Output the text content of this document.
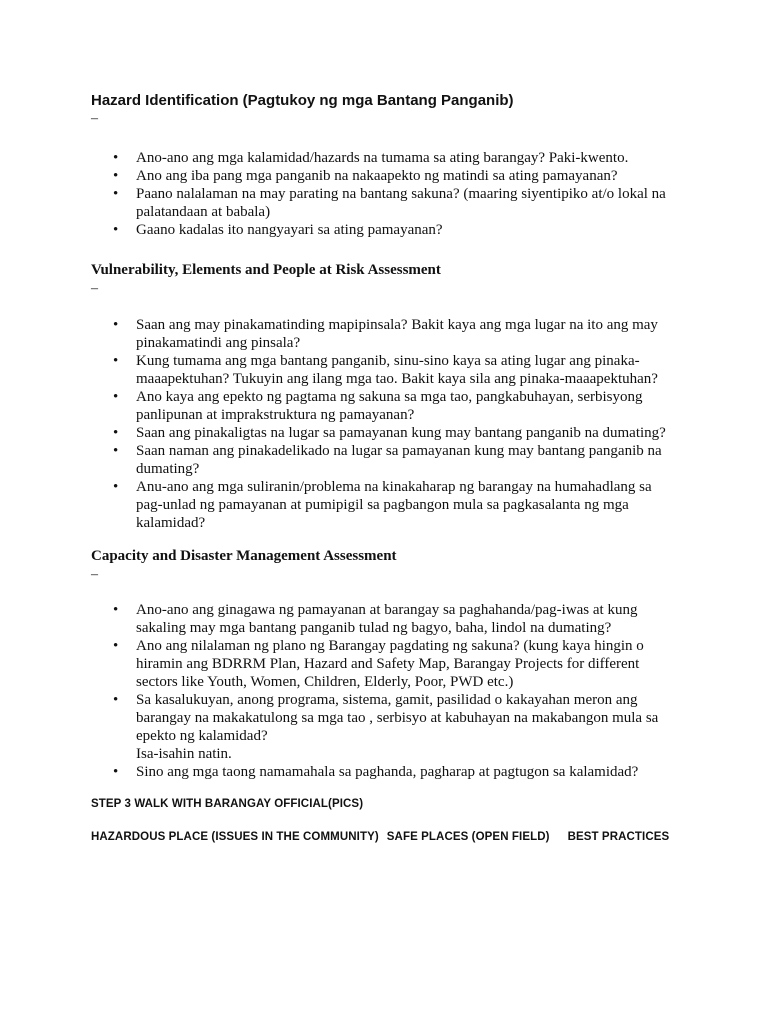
Hazard Identification (Pagtukoy ng mga Bantang Panganib)
–
• Ano-ano ang mga kalamidad/hazards na tumama sa ating barangay? Paki-kwento.
• Ano ang iba pang mga panganib na nakaapekto ng matindi sa ating pamayanan?
• Paano nalalaman na may parating na bantang sakuna? (maaring siyentipiko at/o lokal na palatandaan at babala)
• Gaano kadalas ito nangyayari sa ating pamayanan?
Vulnerability, Elements and People at Risk Assessment
–
• Saan ang may pinakamatinding mapipinsala? Bakit kaya ang mga lugar na ito ang may pinakamatindi ang pinsala?
• Kung tumama ang mga bantang panganib, sinu-sino kaya sa ating lugar ang pinaka-maaapektuhan? Tukuyin ang ilang mga tao. Bakit kaya sila ang pinaka-maaapektuhan?
• Ano kaya ang epekto ng pagtama ng sakuna sa mga tao, pangkabuhayan, serbisyong panlipunan at imprakstruktura ng pamayanan?
• Saan ang pinakaligtas na lugar sa pamayanan kung may bantang panganib na dumating?
• Saan naman ang pinakadelikado na lugar sa pamayanan kung may bantang panganib na dumating?
• Anu-ano ang mga suliranin/problema na kinakaharap ng barangay na humahadlang sa pag-unlad ng pamayanan at pumipigil sa pagbangon mula sa pagkasalanta ng mga kalamidad?
Capacity and Disaster Management Assessment
–
• Ano-ano ang ginagawa ng pamayanan at barangay sa paghahanda/pag-iwas at kung sakaling may mga bantang panganib tulad ng bagyo, baha, lindol na dumating?
• Ano ang nilalaman ng plano ng Barangay pagdating ng sakuna? (kung kaya hingin o hiramin ang BDRRM Plan, Hazard and Safety Map, Barangay Projects for different sectors like Youth, Women, Children, Elderly, Poor, PWD etc.)
• Sa kasalukuyan, anong programa, sistema, gamit, pasilidad o kakayahan meron ang barangay na makakatulong sa mga tao , serbisyo at kabuhayan na makabangon mula sa epekto ng kalamidad?
Isa-isahin natin.
• Sino ang mga taong namamahala sa paghanda, pagharap at pagtugon sa kalamidad?
STEP 3 WALK WITH BARANGAY OFFICIAL(PICS)
HAZARDOUS PLACE (ISSUES IN THE COMMUNITY) SAFE PLACES (OPEN FIELD) BEST PRACTICES
